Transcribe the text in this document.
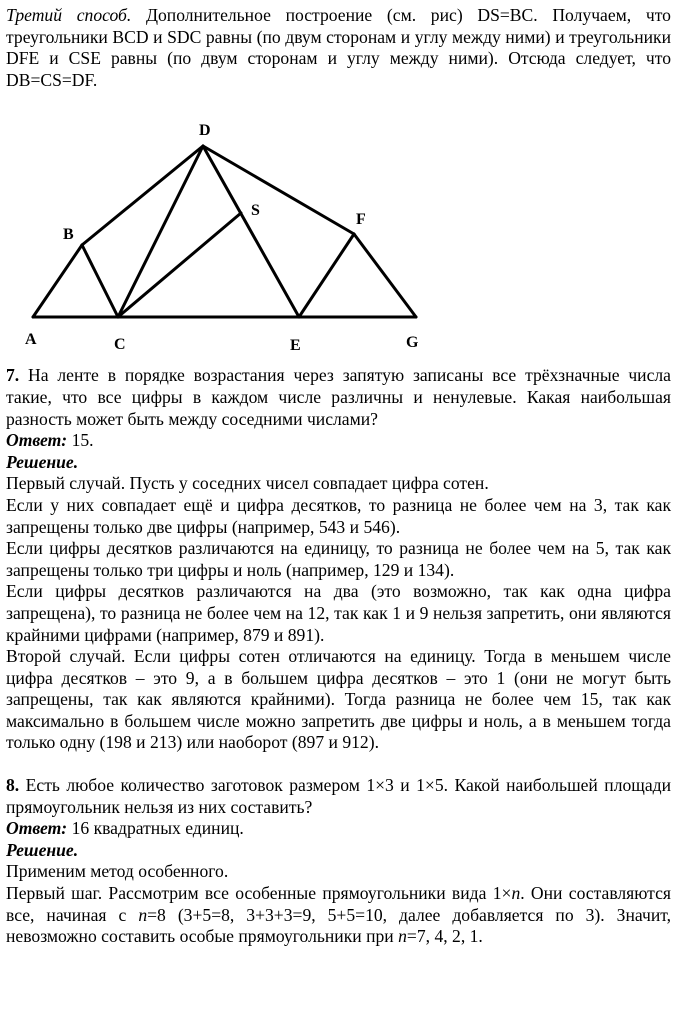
Третий способ. Дополнительное построение (см. рис) DS=BC. Получаем, что треугольники BCD и SDC равны (по двум сторонам и углу между ними) и треугольники DFE и CSE равны (по двум сторонам и углу между ними). Отсюда следует, что DB=CS=DF.

D
B
S
F
A	C	E	G

7. На ленте в порядке возрастания через запятую записаны все трёхзначные числа такие, что все цифры в каждом числе различны и ненулевые. Какая наибольшая разность может быть между соседними числами?

Ответ: 15.

Решение.

Первый случай. Пусть у соседних чисел совпадает цифра сотен.

Если у них совпадает ещё и цифра десятков, то разница не более чем на 3, так как запрещены только две цифры (например, 543 и 546).

Если цифры десятков различаются на единицу, то разница не более чем на 5, так как запрещены только три цифры и ноль (например, 129 и 134).

Если цифры десятков различаются на два (это возможно, так как одна цифра запрещена), то разница не более чем на 12, так как 1 и 9 нельзя запретить, они являются крайними цифрами (например, 879 и 891).

Второй случай. Если цифры сотен отличаются на единицу. Тогда в меньшем числе цифра десятков – это 9, а в большем цифра десятков – это 1 (они не могут быть запрещены, так как являются крайними). Тогда разница не более чем 15, так как максимально в большем числе можно запретить две цифры и ноль, а в меньшем тогда только одну (198 и 213) или наоборот (897 и 912).

8. Есть любое количество заготовок размером 1×3 и 1×5. Какой наибольшей площади прямоугольник нельзя из них составить?

Ответ: 16 квадратных единиц.

Решение.

Применим метод особенного.

Первый шаг. Рассмотрим все особенные прямоугольники вида 1×n. Они составляются все, начиная с n=8 (3+5=8, 3+3+3=9, 5+5=10, далее добавляется по 3). Значит, невозможно составить особые прямоугольники при n=7, 4, 2, 1.
